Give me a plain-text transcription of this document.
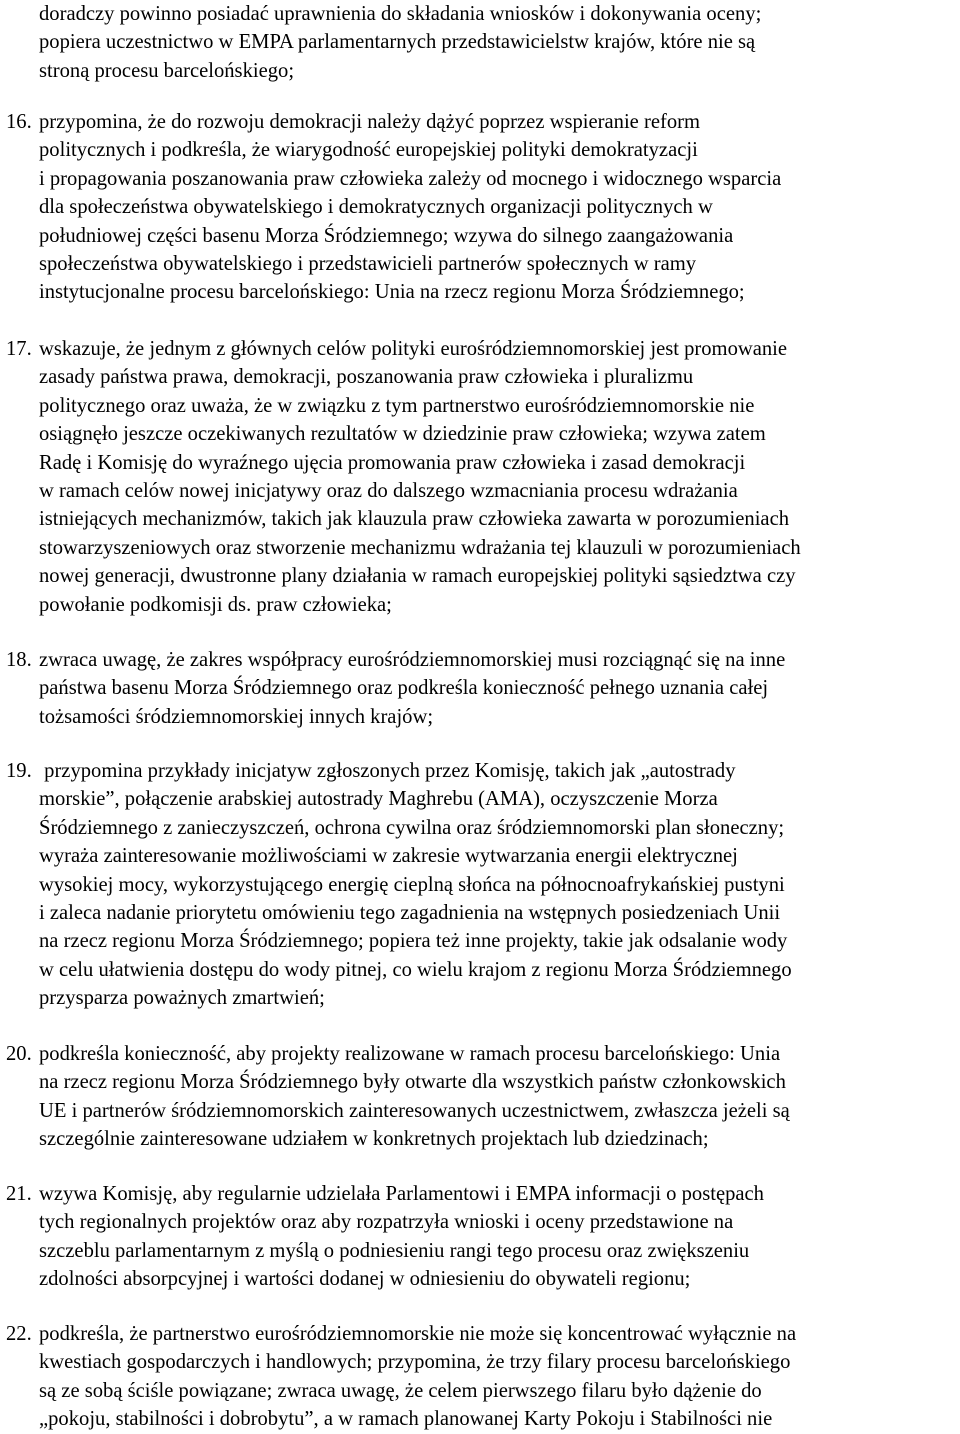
doradczy powinno posiadać uprawnienia do składania wniosków i dokonywania oceny;
popiera uczestnictwo w EMPA parlamentarnych przedstawicielstw krajów, które nie są
stroną procesu barcelońskiego;
16. przypomina, że do rozwoju demokracji należy dążyć poprzez wspieranie reform
politycznych i podkreśla, że wiarygodność europejskiej polityki demokratyzacji
i propagowania poszanowania praw człowieka zależy od mocnego i widocznego wsparcia
dla społeczeństwa obywatelskiego i demokratycznych organizacji politycznych w
południowej części basenu Morza Śródziemnego; wzywa do silnego zaangażowania
społeczeństwa obywatelskiego i przedstawicieli partnerów społecznych w ramy
instytucjonalne procesu barcelońskiego: Unia na rzecz regionu Morza Śródziemnego;
17. wskazuje, że jednym z głównych celów polityki eurośródziemnomorskiej jest promowanie
zasady państwa prawa, demokracji, poszanowania praw człowieka i pluralizmu
politycznego oraz uważa, że w związku z tym partnerstwo eurośródziemnomorskie nie
osiągnęło jeszcze oczekiwanych rezultatów w dziedzinie praw człowieka; wzywa zatem
Radę i Komisję do wyraźnego ujęcia promowania praw człowieka i zasad demokracji
w ramach celów nowej inicjatywy oraz do dalszego wzmacniania procesu wdrażania
istniejących mechanizmów, takich jak klauzula praw człowieka zawarta w porozumieniach
stowarzyszeniowych oraz stworzenie mechanizmu wdrażania tej klauzuli w porozumieniach
nowej generacji, dwustronne plany działania w ramach europejskiej polityki sąsiedztwa czy
powołanie podkomisji ds. praw człowieka;
18. zwraca uwagę, że zakres współpracy eurośródziemnomorskiej musi rozciągnąć się na inne
państwa basenu Morza Śródziemnego oraz podkreśla konieczność pełnego uznania całej
tożsamości śródziemnomorskiej innych krajów;
19. przypomina przykłady inicjatyw zgłoszonych przez Komisję, takich jak „autostrady
morskie”, połączenie arabskiej autostrady Maghrebu (AMA), oczyszczenie Morza
Śródziemnego z zanieczyszczeń, ochrona cywilna oraz śródziemnomorski plan słoneczny;
wyraża zainteresowanie możliwościami w zakresie wytwarzania energii elektrycznej
wysokiej mocy, wykorzystującego energię cieplną słońca na północnoafrykańskiej pustyni
i zaleca nadanie priorytetu omówieniu tego zagadnienia na wstępnych posiedzeniach Unii
na rzecz regionu Morza Śródziemnego; popiera też inne projekty, takie jak odsalanie wody
w celu ułatwienia dostępu do wody pitnej, co wielu krajom z regionu Morza Śródziemnego
przysparza poważnych zmartwień;
20. podkreśla konieczność, aby projekty realizowane w ramach procesu barcelońskiego: Unia
na rzecz regionu Morza Śródziemnego były otwarte dla wszystkich państw członkowskich
UE i partnerów śródziemnomorskich zainteresowanych uczestnictwem, zwłaszcza jeżeli są
szczególnie zainteresowane udziałem w konkretnych projektach lub dziedzinach;
21. wzywa Komisję, aby regularnie udzielała Parlamentowi i EMPA informacji o postępach
tych regionalnych projektów oraz aby rozpatrzyła wnioski i oceny przedstawione na
szczeblu parlamentarnym z myślą o podniesieniu rangi tego procesu oraz zwiększeniu
zdolności absorpcyjnej i wartości dodanej w odniesieniu do obywateli regionu;
22. podkreśla, że partnerstwo eurośródziemnomorskie nie może się koncentrować wyłącznie na
kwestiach gospodarczych i handlowych; przypomina, że trzy filary procesu barcelońskiego
są ze sobą ściśle powiązane; zwraca uwagę, że celem pierwszego filaru było dążenie do
„pokoju, stabilności i dobrobytu”, a w ramach planowanej Karty Pokoju i Stabilności nie
